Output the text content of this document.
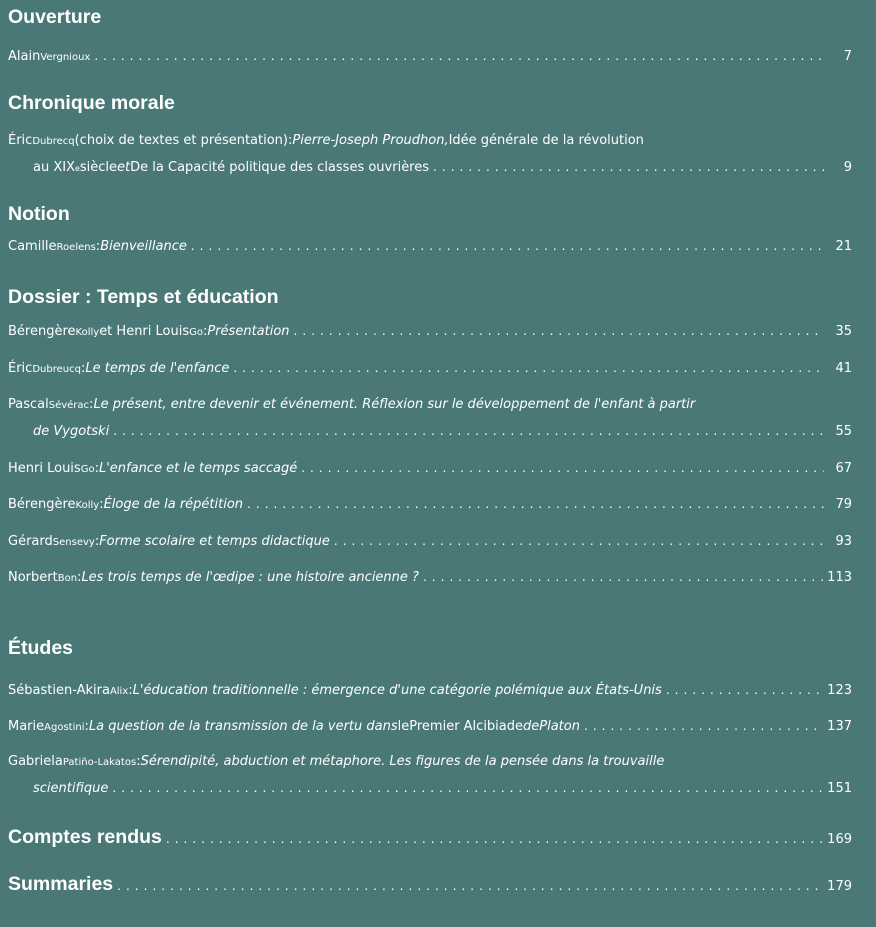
Ouverture
Alain Vergnioux . . .	7
Chronique morale
Éric Dubrecq (choix de textes et présentation) : Pierre-Joseph Proudhon, Idée générale de la révolution
au XIX e siècle et De la Capacité politique des classes ouvrières . . .	9
Notion
Camille Roelens : Bienveillance . . .	21
Dossier : Temps et éducation
Bérengère Kolly et Henri Louis Go : Présentation . . .	35
Éric Dubreucq : Le temps de l'enfance . . .	41
Pascal Sévérac : Le présent, entre devenir et événement. Réflexion sur le développement de l'enfant à partir
de Vygotski . . .	55
Henri Louis Go : L'enfance et le temps saccagé . . .	67
Bérengère Kolly : Éloge de la répétition . . .	79
Gérard Sensevy : Forme scolaire et temps didactique . . .	93
Norbert Bon : Les trois temps de l'œdipe : une histoire ancienne ? . . .	113
Études
Sébastien-Akira Alix : L'éducation traditionnelle : émergence d'une catégorie polémique aux États-Unis . . .	123
Marie Agostini : La question de la transmission de la vertu dans le Premier Alcibiade de Platon . . .	137
Gabriela Patiño-Lakatos : Sérendipité, abduction et métaphore. Les figures de la pensée dans la trouvaille
scientifique . . .	151
Comptes rendus . . .	169
Summaries . . .	179
